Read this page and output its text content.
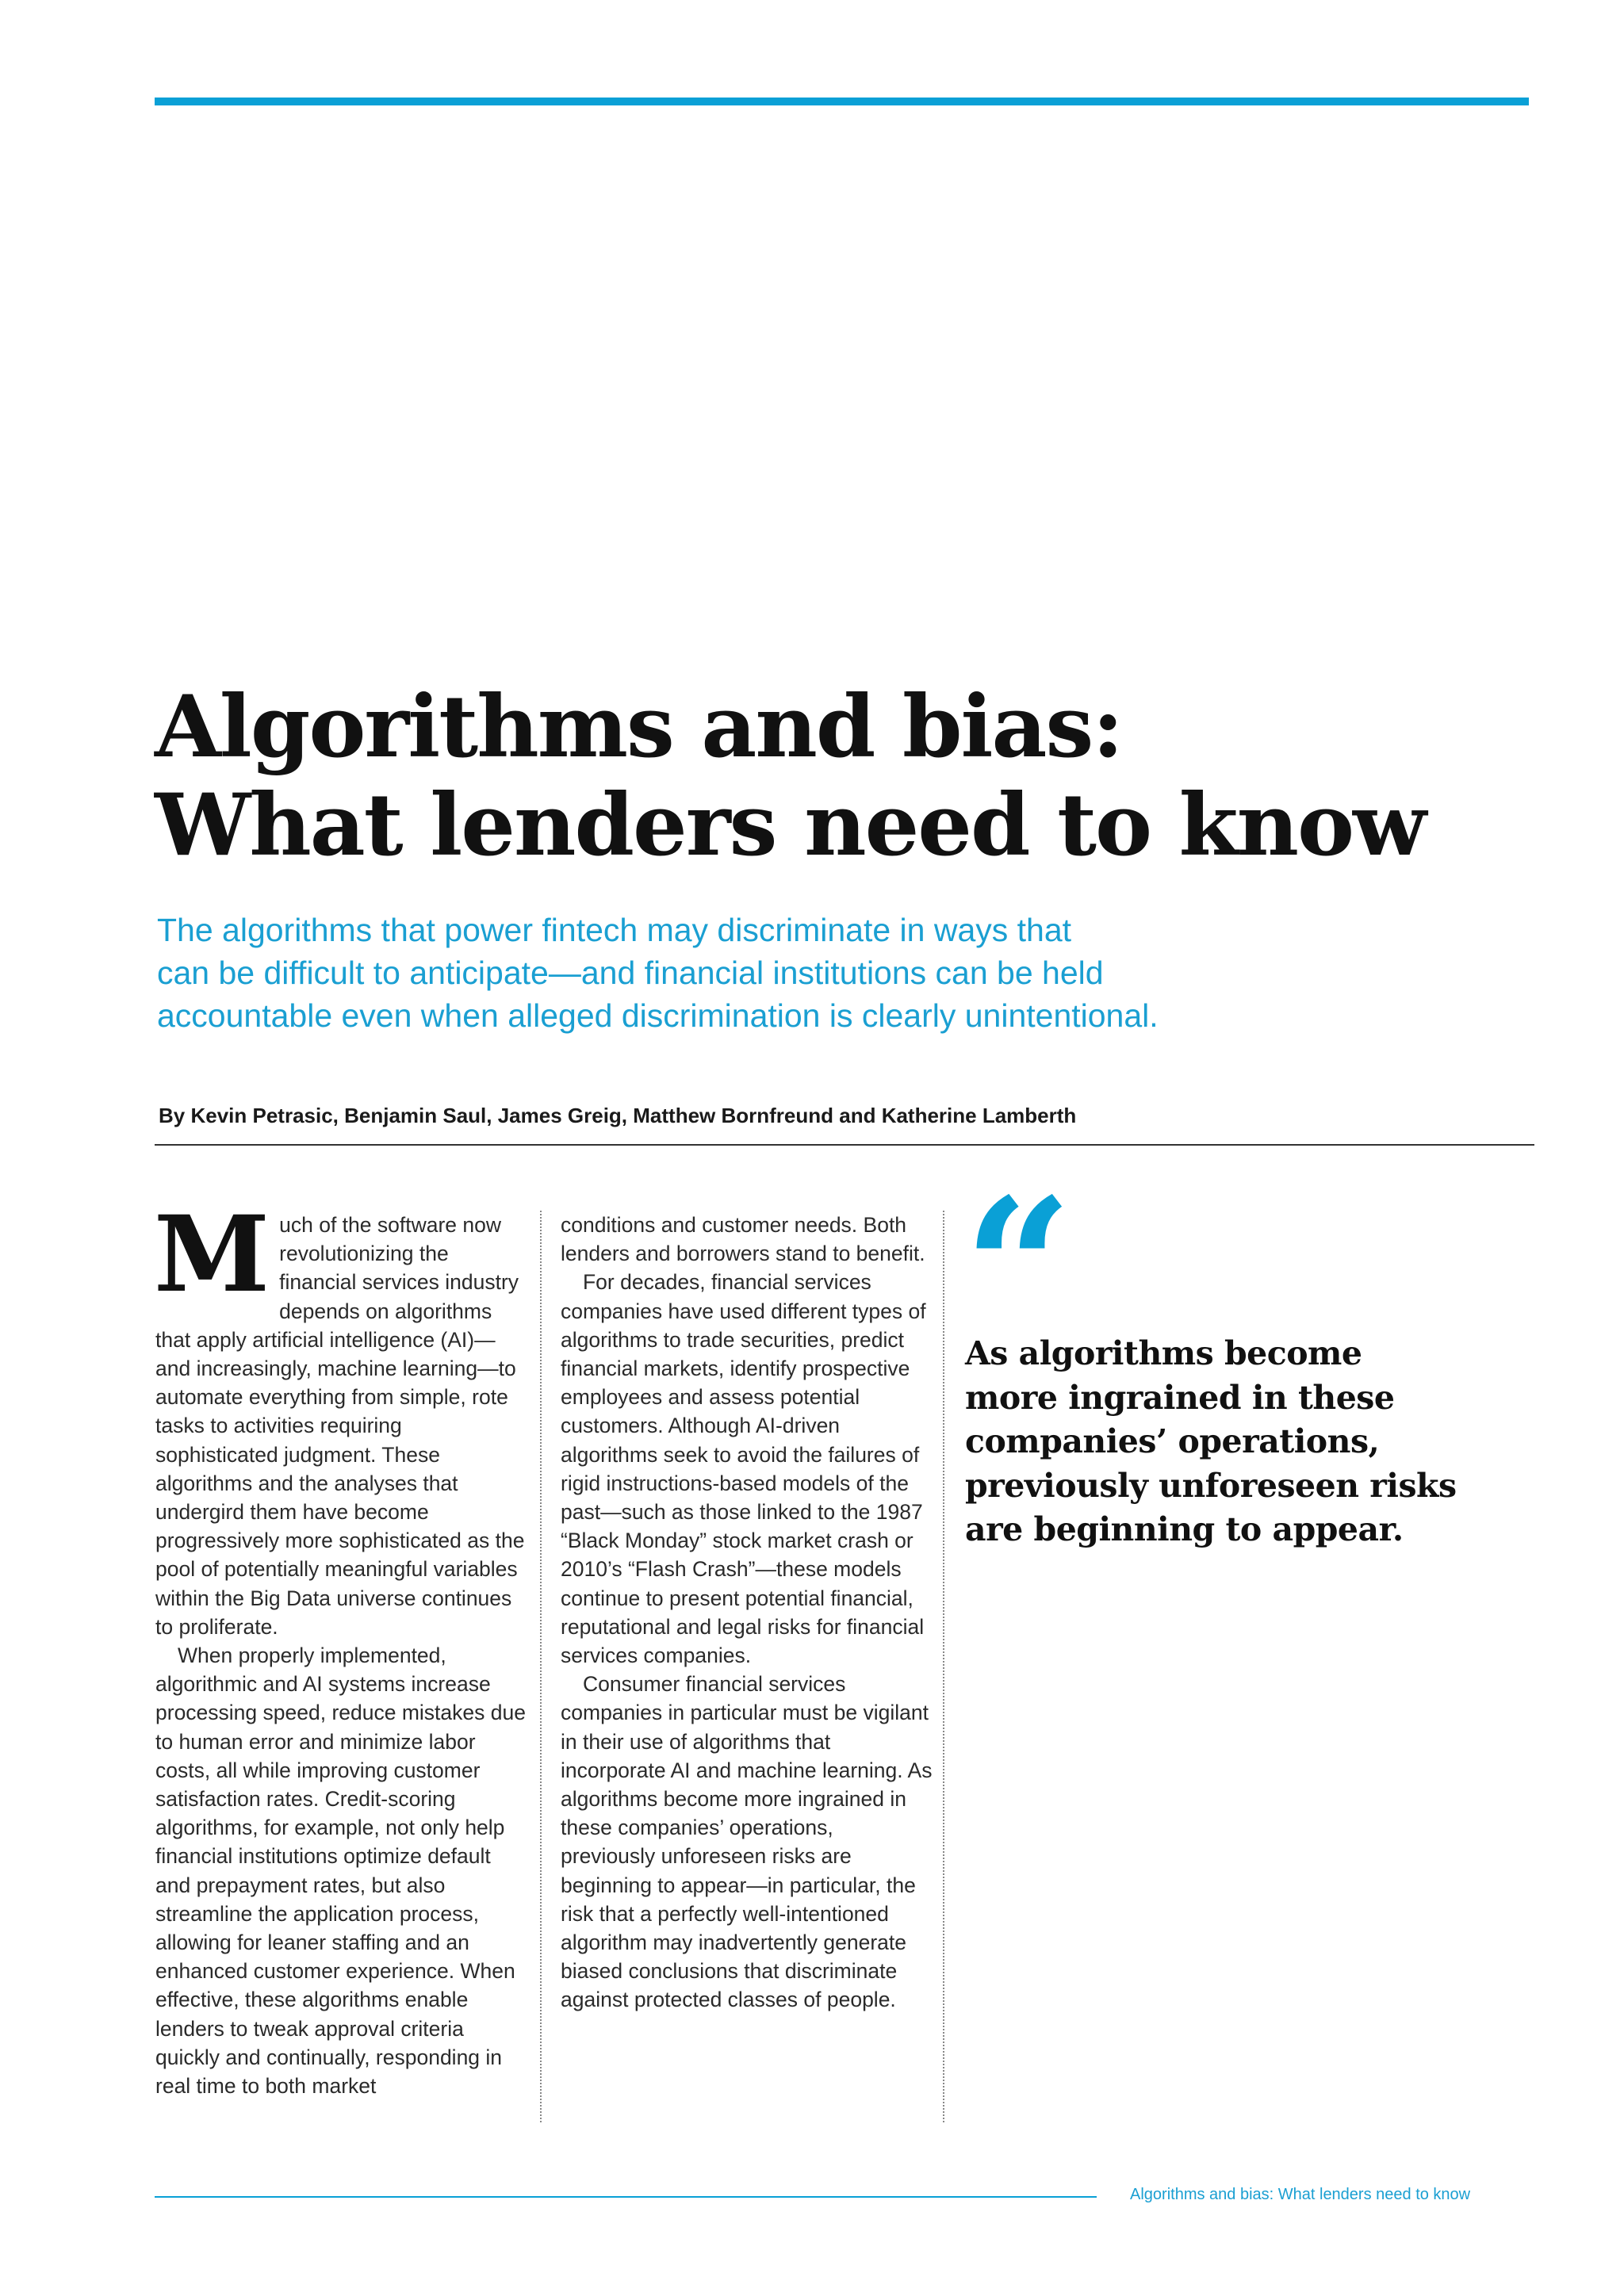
Algorithms and bias:
What lenders need to know
The algorithms that power fintech may discriminate in ways that
can be difficult to anticipate—and financial institutions can be held
accountable even when alleged discrimination is clearly unintentional.
By Kevin Petrasic, Benjamin Saul, James Greig, Matthew Bornfreund and Katherine Lamberth

Much of the software now revolutionizing the financial services industry depends on algorithms that apply artificial intelligence (AI)—and increasingly, machine learning—to automate everything from simple, rote tasks to activities requiring sophisticated judgment. These algorithms and the analyses that undergird them have become progressively more sophisticated as the pool of potentially meaningful variables within the Big Data universe continues to proliferate.

When properly implemented, algorithmic and AI systems increase processing speed, reduce mistakes due to human error and minimize labor costs, all while improving customer satisfaction rates. Credit-scoring algorithms, for example, not only help financial institutions optimize default and prepayment rates, but also streamline the application process, allowing for leaner staffing and an enhanced customer experience. When effective, these algorithms enable lenders to tweak approval criteria quickly and continually, responding in real time to both market

conditions and customer needs. Both lenders and borrowers stand to benefit.

For decades, financial services companies have used different types of algorithms to trade securities, predict financial markets, identify prospective employees and assess potential customers. Although AI-driven algorithms seek to avoid the failures of rigid instructions-based models of the past—such as those linked to the 1987 “Black Monday” stock market crash or 2010’s “Flash Crash”—these models continue to present potential financial, reputational and legal risks for financial services companies.

Consumer financial services companies in particular must be vigilant in their use of algorithms that incorporate AI and machine learning. As algorithms become more ingrained in these companies’ operations, previously unforeseen risks are beginning to appear—in particular, the risk that a perfectly well-intentioned algorithm may inadvertently generate biased conclusions that discriminate against protected classes of people.

“
As algorithms become
more ingrained in these
companies’ operations,
previously unforeseen risks
are beginning to appear.
Algorithms and bias: What lenders need to know
